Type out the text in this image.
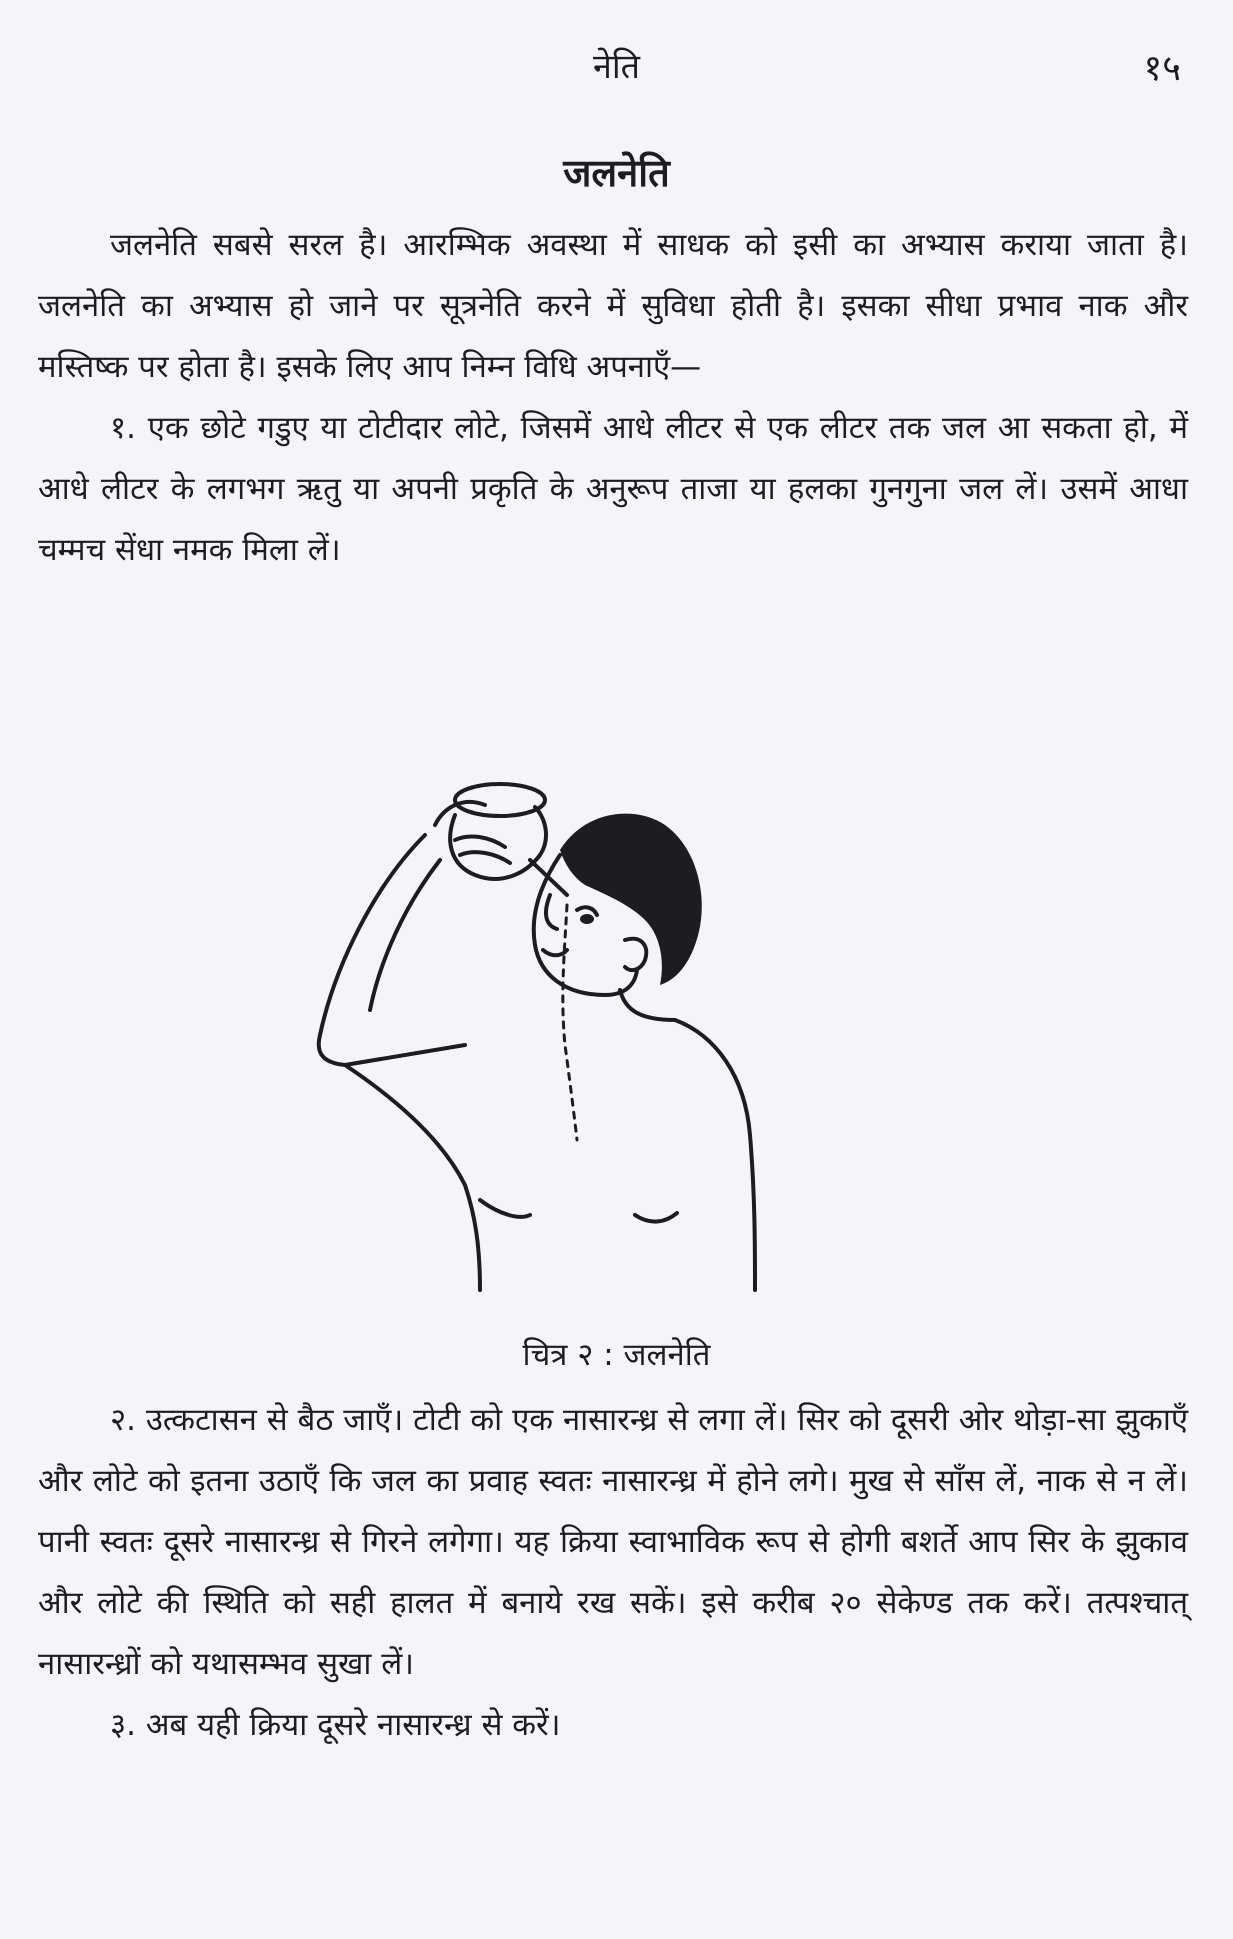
नेति	१५
जलनेति

जलनेति सबसे सरल है। आरम्भिक अवस्था में साधक को इसी का अभ्यास कराया जाता है। जलनेति का अभ्यास हो जाने पर सूत्रनेति करने में सुविधा होती है। इसका सीधा प्रभाव नाक और मस्तिष्क पर होता है। इसके लिए आप निम्न विधि अपनाएँ—

१. एक छोटे गडुए या टोटीदार लोटे, जिसमें आधे लीटर से एक लीटर तक जल आ सकता हो, में आधे लीटर के लगभग ऋतु या अपनी प्रकृति के अनुरूप ताजा या हलका गुनगुना जल लें। उसमें आधा चम्मच सेंधा नमक मिला लें।

चित्र २ : जलनेति

२. उत्कटासन से बैठ जाएँ। टोटी को एक नासारन्ध्र से लगा लें। सिर को दूसरी ओर थोड़ा-सा झुकाएँ और लोटे को इतना उठाएँ कि जल का प्रवाह स्वतः नासारन्ध्र में होने लगे। मुख से साँस लें, नाक से न लें। पानी स्वतः दूसरे नासारन्ध्र से गिरने लगेगा। यह क्रिया स्वाभाविक रूप से होगी बशर्ते आप सिर के झुकाव और लोटे की स्थिति को सही हालत में बनाये रख सकें। इसे करीब २० सेकेण्ड तक करें। तत्पश्चात् नासारन्ध्रों को यथासम्भव सुखा लें।

३. अब यही क्रिया दूसरे नासारन्ध्र से करें।
